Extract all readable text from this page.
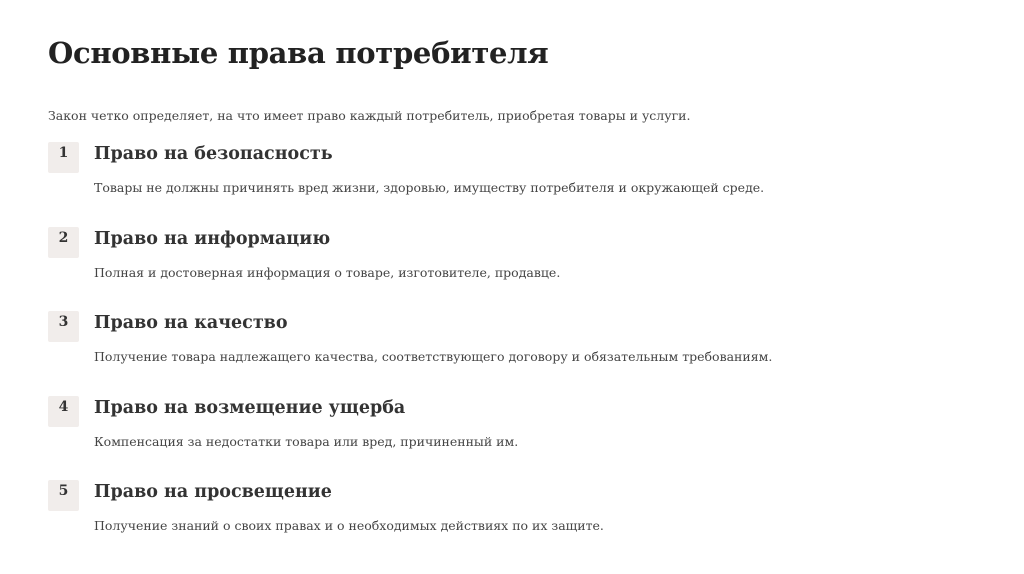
Основные права потребителя

Закон четко определяет, на что имеет право каждый потребитель, приобретая товары и услуги.

1	Право на безопасность

Товары не должны причинять вред жизни, здоровью, имуществу потребителя и окружающей среде.

2	Право на информацию

Полная и достоверная информация о товаре, изготовителе, продавце.

3	Право на качество

Получение товара надлежащего качества, соответствующего договору и обязательным требованиям.

4	Право на возмещение ущерба

Компенсация за недостатки товара или вред, причиненный им.

5	Право на просвещение

Получение знаний о своих правах и о необходимых действиях по их защите.
